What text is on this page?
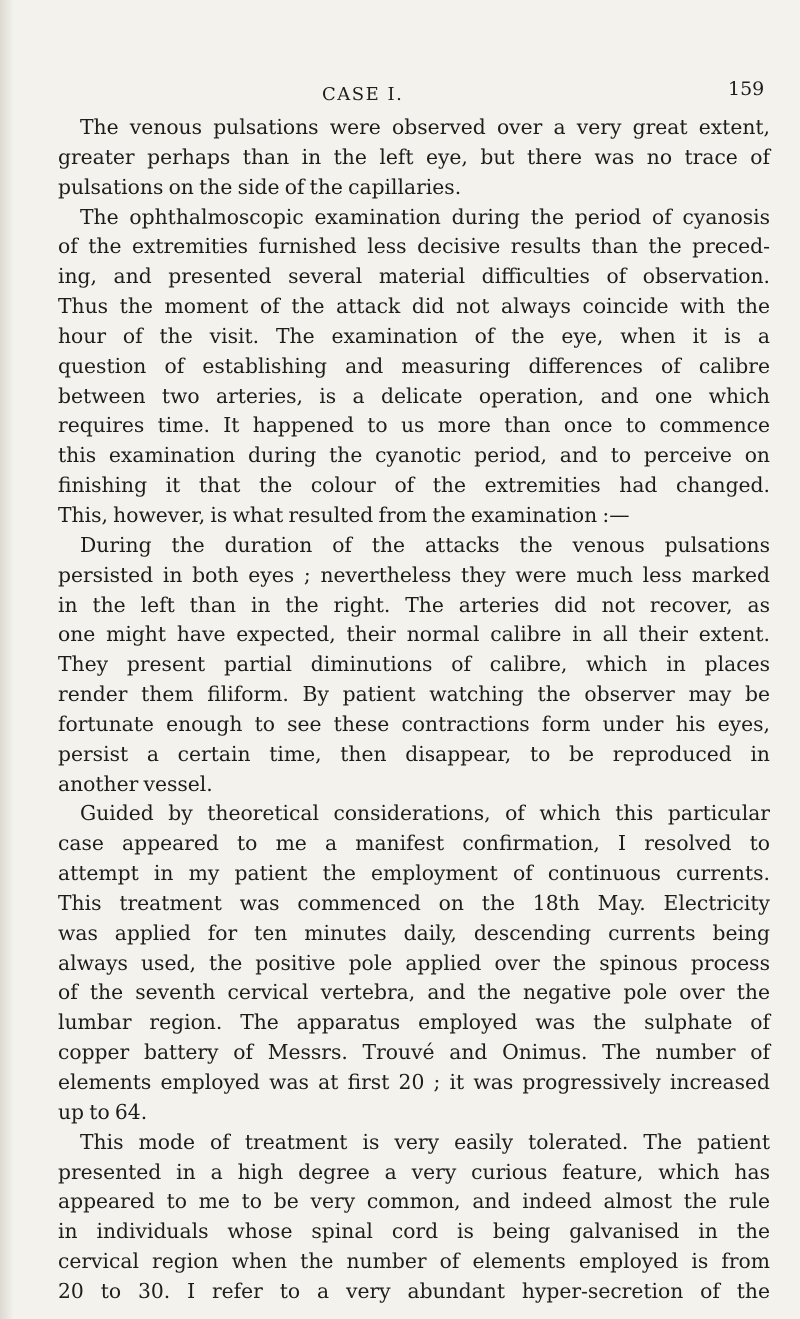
CASE I.	159
The venous pulsations were observed over a very great extent,
greater perhaps than in the left eye, but there was no trace of
pulsations on the side of the capillaries.
The ophthalmoscopic examination during the period of cyanosis
of the extremities furnished less decisive results than the preced-
ing, and presented several material difficulties of observation.
Thus the moment of the attack did not always coincide with the
hour of the visit. The examination of the eye, when it is a
question of establishing and measuring differences of calibre
between two arteries, is a delicate operation, and one which
requires time. It happened to us more than once to commence
this examination during the cyanotic period, and to perceive on
finishing it that the colour of the extremities had changed.
This, however, is what resulted from the examination :—
During the duration of the attacks the venous pulsations
persisted in both eyes ; nevertheless they were much less marked
in the left than in the right. The arteries did not recover, as
one might have expected, their normal calibre in all their extent.
They present partial diminutions of calibre, which in places
render them filiform. By patient watching the observer may be
fortunate enough to see these contractions form under his eyes,
persist a certain time, then disappear, to be reproduced in
another vessel.
Guided by theoretical considerations, of which this particular
case appeared to me a manifest confirmation, I resolved to
attempt in my patient the employment of continuous currents.
This treatment was commenced on the 18th May. Electricity
was applied for ten minutes daily, descending currents being
always used, the positive pole applied over the spinous process
of the seventh cervical vertebra, and the negative pole over the
lumbar region. The apparatus employed was the sulphate of
copper battery of Messrs. Trouvé and Onimus. The number of
elements employed was at first 20 ; it was progressively increased
up to 64.
This mode of treatment is very easily tolerated. The patient
presented in a high degree a very curious feature, which has
appeared to me to be very common, and indeed almost the rule
in individuals whose spinal cord is being galvanised in the
cervical region when the number of elements employed is from
20 to 30. I refer to a very abundant hyper-secretion of the
